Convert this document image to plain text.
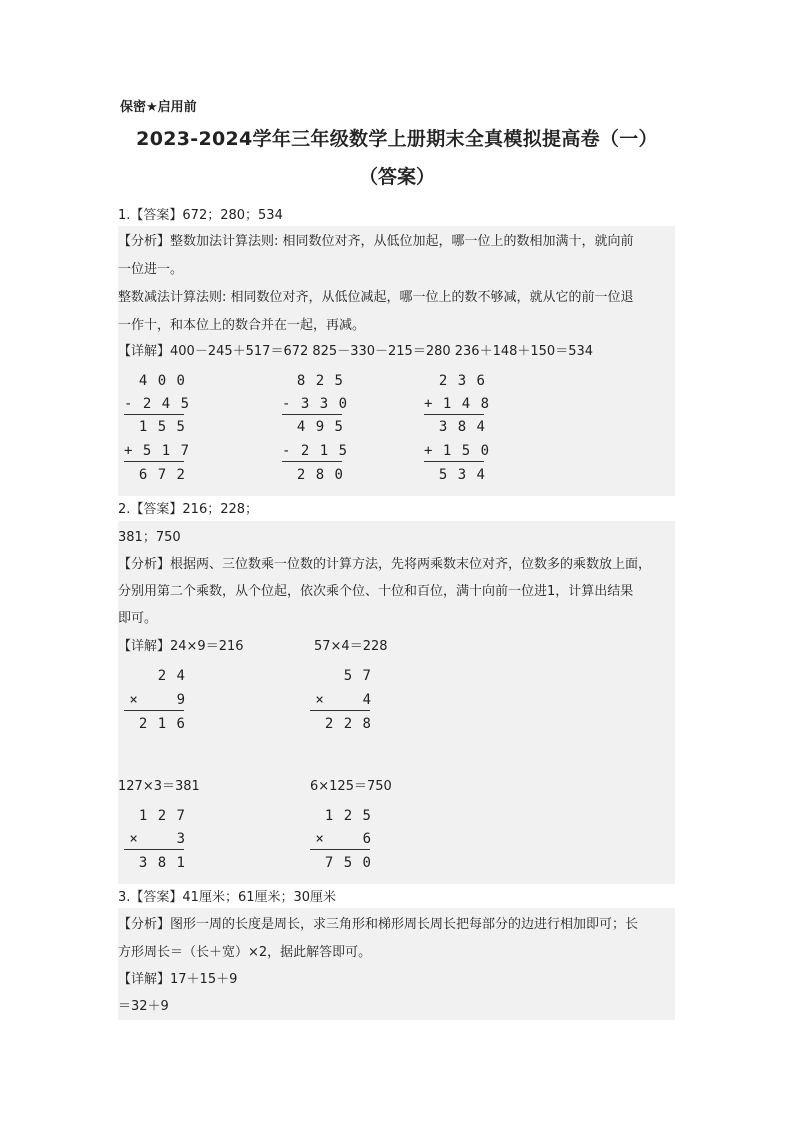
保密★启用前
2023-2024学年三年级数学上册期末全真模拟提高卷（一）
（答案）
1.【答案】672；280；534
【分析】整数加法计算法则: 相同数位对齐，从低位加起，哪一位上的数相加满十，就向前
一位进一。
整数减法计算法则: 相同数位对齐，从低位减起，哪一位上的数不够减，就从它的前一位退
一作十，和本位上的数合并在一起，再减。
【详解】400－245＋517＝672 825－330－215＝280 236＋148＋150＝534
4 0 0
- 2 4 5
1 5 5
+ 5 1 7
6 7 2
8 2 5
- 3 3 0
4 9 5
- 2 1 5
2 8 0
2 3 6
+ 1 4 8
3 8 4
+ 1 5 0
5 3 4
2.【答案】216；228；
381；750
【分析】根据两、三位数乘一位数的计算方法，先将两乘数末位对齐，位数多的乘数放上面，
分别用第二个乘数，从个位起，依次乘个位、十位和百位，满十向前一位进1，计算出结果
即可。
【详解】24×9＝216	57×4＝228
2 4
×    9
2 1 6
5 7
×    4
2 2 8
127×3＝381	6×125＝750
1 2 7
×    3
3 8 1
1 2 5
×    6
7 5 0
3.【答案】41厘米；61厘米；30厘米
【分析】图形一周的长度是周长，求三角形和梯形周长周长把每部分的边进行相加即可；长
方形周长＝（长＋宽）×2，据此解答即可。
【详解】17＋15＋9
＝32＋9
